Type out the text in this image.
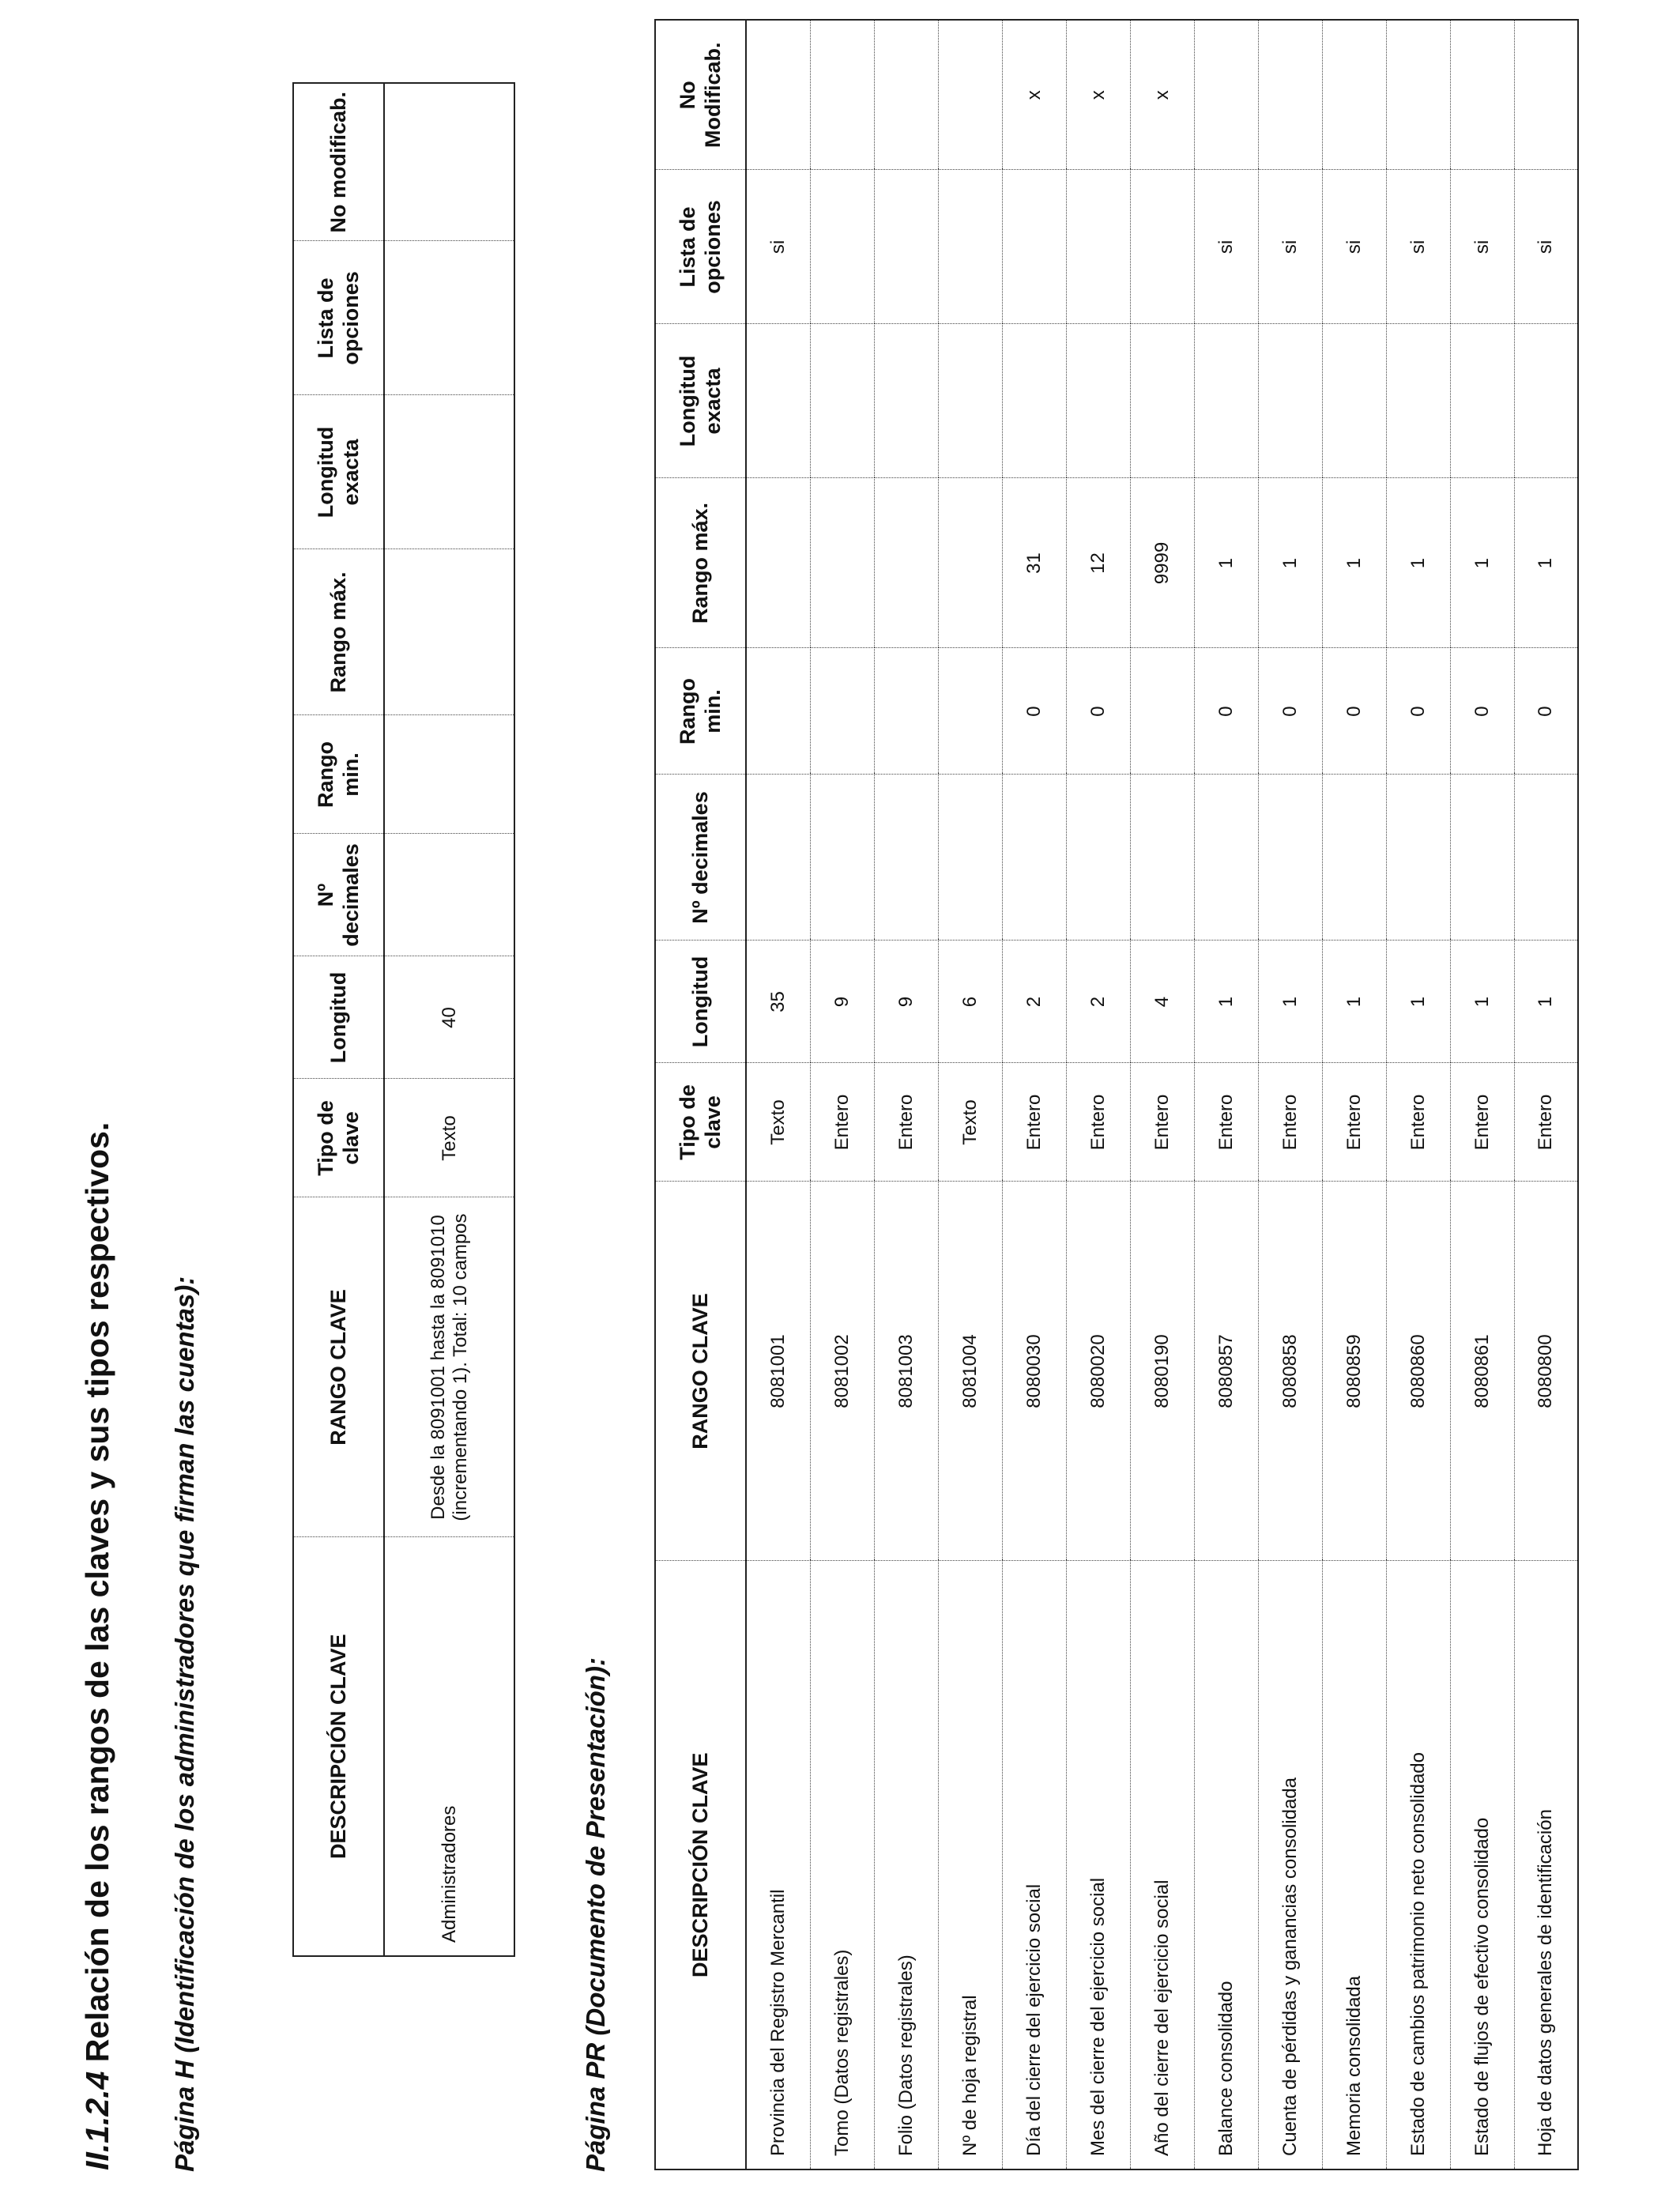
II.1.2.4 Relación de los rangos de las claves y sus tipos respectivos. Página H (Identificación de los administradores que firman las cuentas):	DESCRIPCIÓN CLAVE	RANGO CLAVE	Tipo de clave	Longitud	Nº decimales	Rango min.	Rango máx.	Longitud exacta	Lista de opciones	No modificab.
Administradores	Desde la 8091001 hasta la 8091010 (incrementando 1). Total: 10 campos	Texto	40						
Página PR (Documento de Presentación):	DESCRIPCIÓN CLAVE	RANGO CLAVE	Tipo de clave	Longitud	Nº decimales	Rango min.	Rango máx.	Longitud exacta	Lista de opciones	No Modificab.
Provincia del Registro Mercantil	8081001	Texto	35					si	
Tomo (Datos registrales)	8081002	Entero	9						
Folio (Datos registrales)	8081003	Entero	9						
Nº de hoja registral	8081004	Texto	6						
Día del cierre del ejercicio social	8080030	Entero	2		0	31			x
Mes del cierre del ejercicio social	8080020	Entero	2		0	12			x
Año del cierre del ejercicio social	8080190	Entero	4			9999			x
Balance consolidado	8080857	Entero	1		0	1		si	
Cuenta de pérdidas y ganancias consolidada	8080858	Entero	1		0	1		si	
Memoria consolidada	8080859	Entero	1		0	1		si	
Estado de cambios patrimonio neto consolidado	8080860	Entero	1		0	1		si	
Estado de flujos de efectivo consolidado	8080861	Entero	1		0	1		si	
Hoja de datos generales de identificación	8080800	Entero	1		0	1		si	
